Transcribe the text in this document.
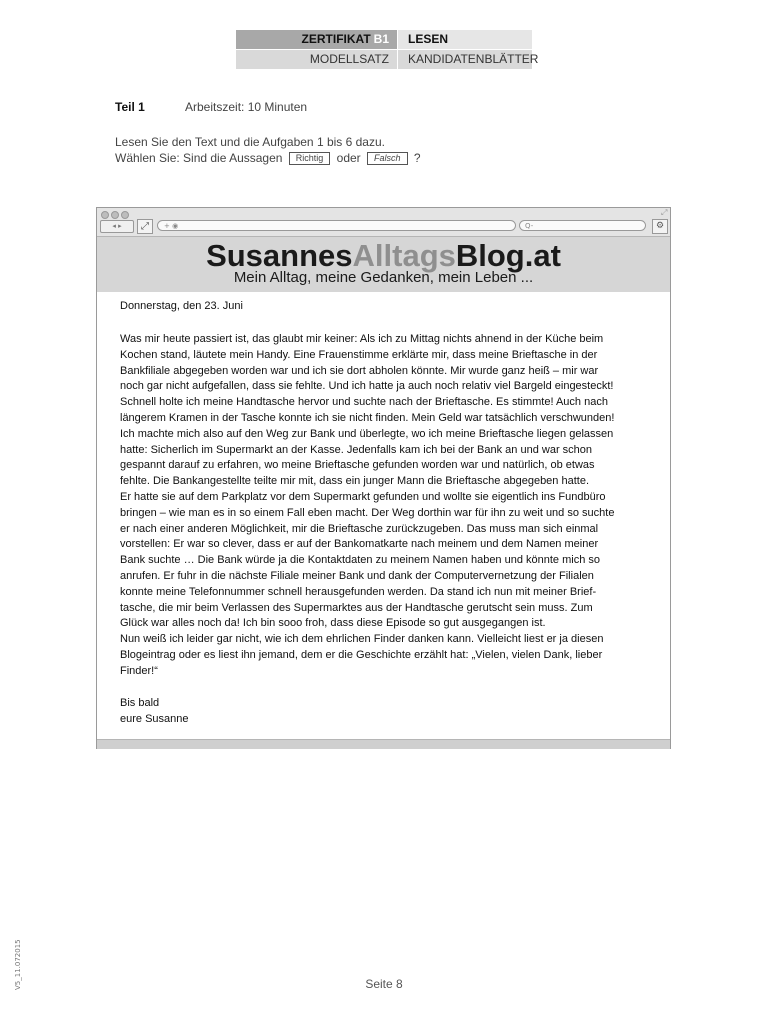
ZERTIFIKAT B1	LESEN
MODELLSATZ	KANDIDATENBLÄTTER
Teil 1	Arbeitszeit: 10 Minuten
Lesen Sie den Text und die Aufgaben 1 bis 6 dazu.
Wählen Sie: Sind die Aussagen Richtig oder Falsch ?
⤢
◂ ▸	⤢	+ ◉	Q-	⚙
SusannesAlltagsBlog.at
Mein Alltag, meine Gedanken, mein Leben ...
Donnerstag, den 23. Juni
Was mir heute passiert ist, das glaubt mir keiner: Als ich zu Mittag nichts ahnend in der Küche beim
Kochen stand, läutete mein Handy. Eine Frauenstimme erklärte mir, dass meine Brieftasche in der
Bankfiliale abgegeben worden war und ich sie dort abholen könnte. Mir wurde ganz heiß – mir war
noch gar nicht aufgefallen, dass sie fehlte. Und ich hatte ja auch noch relativ viel Bargeld eingesteckt!
Schnell holte ich meine Handtasche hervor und suchte nach der Brieftasche. Es stimmte! Auch nach
längerem Kramen in der Tasche konnte ich sie nicht finden. Mein Geld war tatsächlich verschwunden!
Ich machte mich also auf den Weg zur Bank und überlegte, wo ich meine Brieftasche liegen gelassen
hatte: Sicherlich im Supermarkt an der Kasse. Jedenfalls kam ich bei der Bank an und war schon
gespannt darauf zu erfahren, wo meine Brieftasche gefunden worden war und natürlich, ob etwas
fehlte. Die Bankangestellte teilte mir mit, dass ein junger Mann die Brieftasche abgegeben hatte.
Er hatte sie auf dem Parkplatz vor dem Supermarkt gefunden und wollte sie eigentlich ins Fundbüro
bringen – wie man es in so einem Fall eben macht. Der Weg dorthin war für ihn zu weit und so suchte
er nach einer anderen Möglichkeit, mir die Brieftasche zurückzugeben. Das muss man sich einmal
vorstellen: Er war so clever, dass er auf der Bankomatkarte nach meinem und dem Namen meiner
Bank suchte … Die Bank würde ja die Kontaktdaten zu meinem Namen haben und könnte mich so
anrufen. Er fuhr in die nächste Filiale meiner Bank und dank der Computervernetzung der Filialen
konnte meine Telefonnummer schnell herausgefunden werden. Da stand ich nun mit meiner Brief-
tasche, die mir beim Verlassen des Supermarktes aus der Handtasche gerutscht sein muss. Zum
Glück war alles noch da! Ich bin sooo froh, dass diese Episode so gut ausgegangen ist.
Nun weiß ich leider gar nicht, wie ich dem ehrlichen Finder danken kann. Vielleicht liest er ja diesen
Blogeintrag oder es liest ihn jemand, dem er die Geschichte erzählt hat: „Vielen, vielen Dank, lieber
Finder!“
Bis bald
eure Susanne
Seite 8
V5_11.072015
